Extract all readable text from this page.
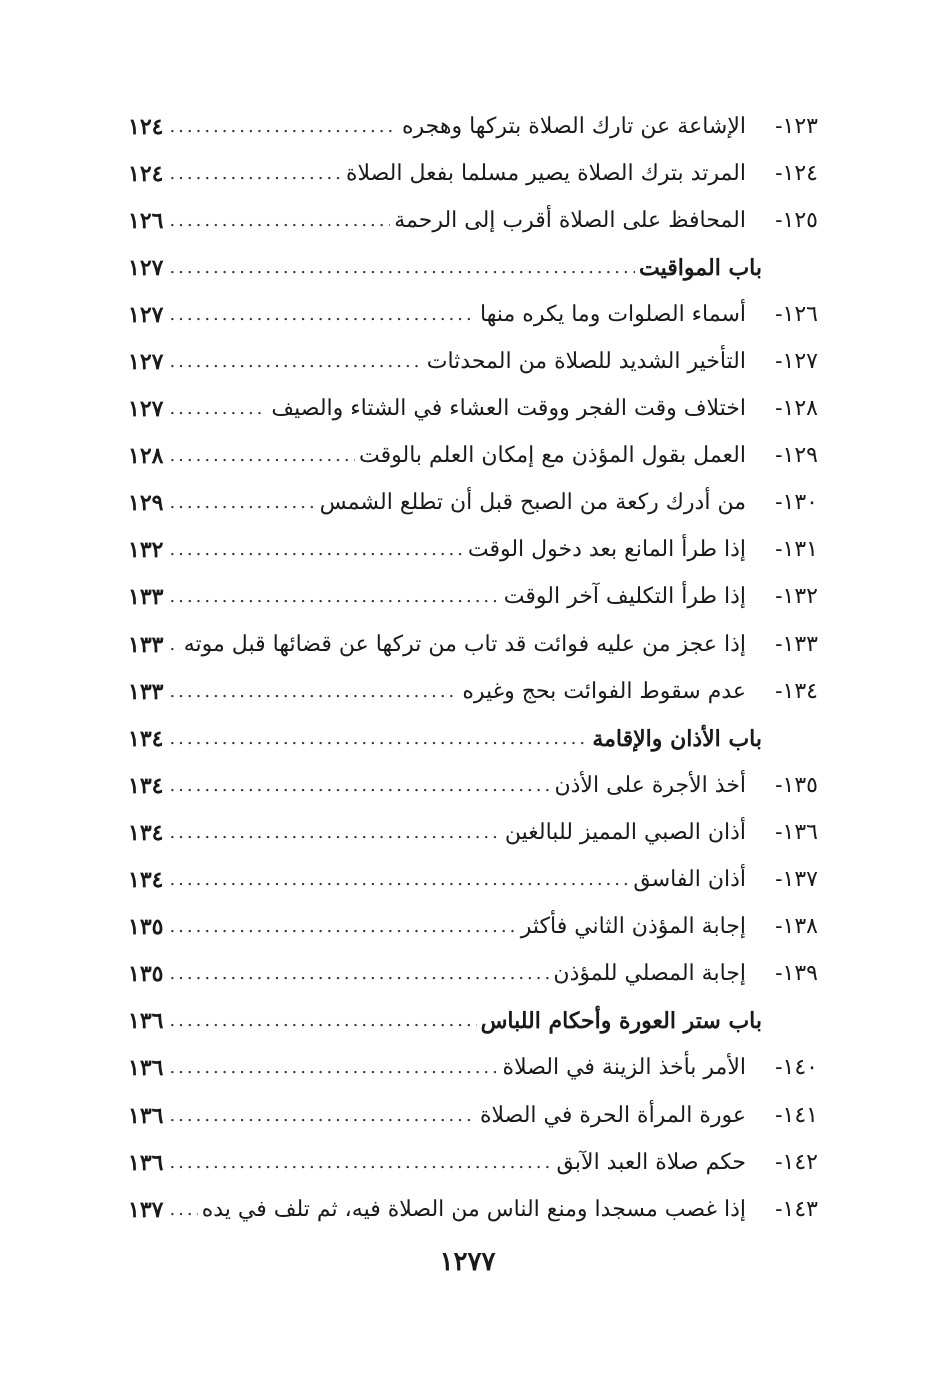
١٢٣-
الإشاعة عن تارك الصلاة بتركها وهجره
.....
١٢٤
١٢٤-
المرتد بترك الصلاة يصير مسلما بفعل الصلاة
.....
١٢٤
١٢٥-
المحافظ على الصلاة أقرب إلى الرحمة
.....
١٢٦
باب المواقيت
.....
١٢٧
١٢٦-
أسماء الصلوات وما يكره منها
.....
١٢٧
١٢٧-
التأخير الشديد للصلاة من المحدثات
.....
١٢٧
١٢٨-
اختلاف وقت الفجر ووقت العشاء في الشتاء والصيف
.....
١٢٧
١٢٩-
العمل بقول المؤذن مع إمكان العلم بالوقت
.....
١٢٨
١٣٠-
من أدرك ركعة من الصبح قبل أن تطلع الشمس
.....
١٢٩
١٣١-
إذا طرأ المانع بعد دخول الوقت
.....
١٣٢
١٣٢-
إذا طرأ التكليف آخر الوقت
.....
١٣٣
١٣٣-
إذا عجز من عليه فوائت قد تاب من تركها عن قضائها قبل موته
.....
١٣٣
١٣٤-
عدم سقوط الفوائت بحج وغيره
.....
١٣٣
باب الأذان والإقامة
.....
١٣٤
١٣٥-
أخذ الأجرة على الأذن
.....
١٣٤
١٣٦-
أذان الصبي المميز للبالغين
.....
١٣٤
١٣٧-
أذان الفاسق
.....
١٣٤
١٣٨-
إجابة المؤذن الثاني فأكثر
.....
١٣٥
١٣٩-
إجابة المصلي للمؤذن
.....
١٣٥
باب ستر العورة وأحكام اللباس
.....
١٣٦
١٤٠-
الأمر بأخذ الزينة في الصلاة
.....
١٣٦
١٤١-
عورة المرأة الحرة في الصلاة
.....
١٣٦
١٤٢-
حكم صلاة العبد الآبق
.....
١٣٦
١٤٣-
إذا غصب مسجدا ومنع الناس من الصلاة فيه، ثم تلف في يده
.....
١٣٧
١٢٧٧
